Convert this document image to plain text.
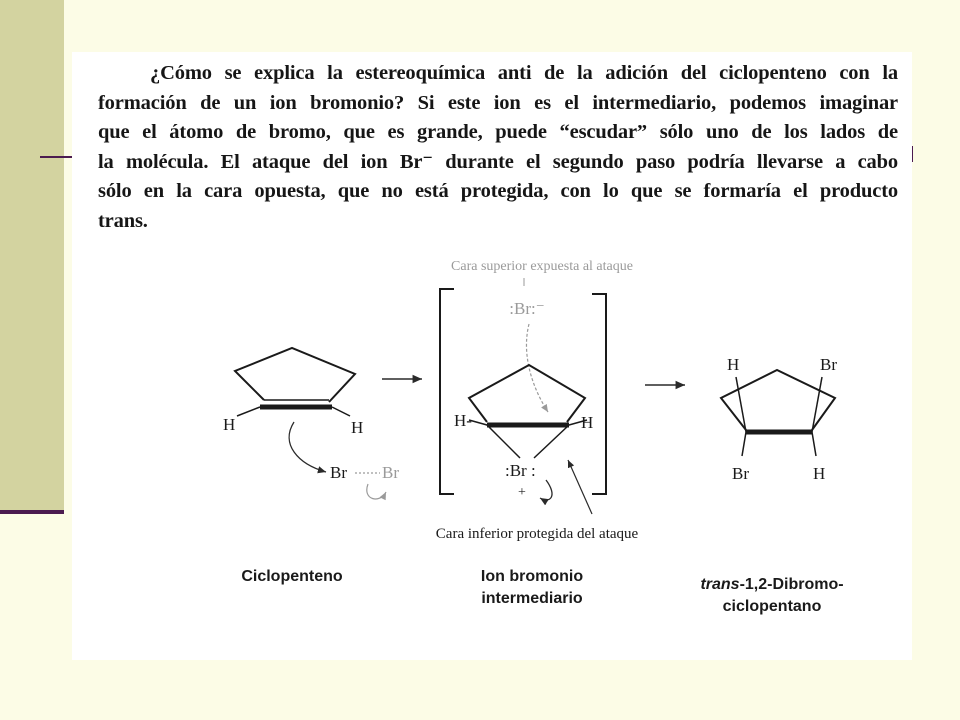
¿Cómo se explica la estereoquímica anti de la adición del ciclopenteno con la
formación de un ion bromonio? Si este ion es el intermediario, podemos imaginar
que el átomo de bromo, que es grande, puede “escudar” sólo uno de los lados de
la molécula. El ataque del ion Br⁻ durante el segundo paso podría llevarse a cabo
sólo en la cara opuesta, que no está protegida, con lo que se formaría el producto
trans.

H	H
Br Br
Cara superior expuesta al ataque
:Br:⁻
H-	H
:Br :
+
Cara inferior protegida del ataque
H	Br
Br	H

Ciclopenteno	Ion bromonio
intermediario

trans-1,2-Dibromo-
ciclopentano
